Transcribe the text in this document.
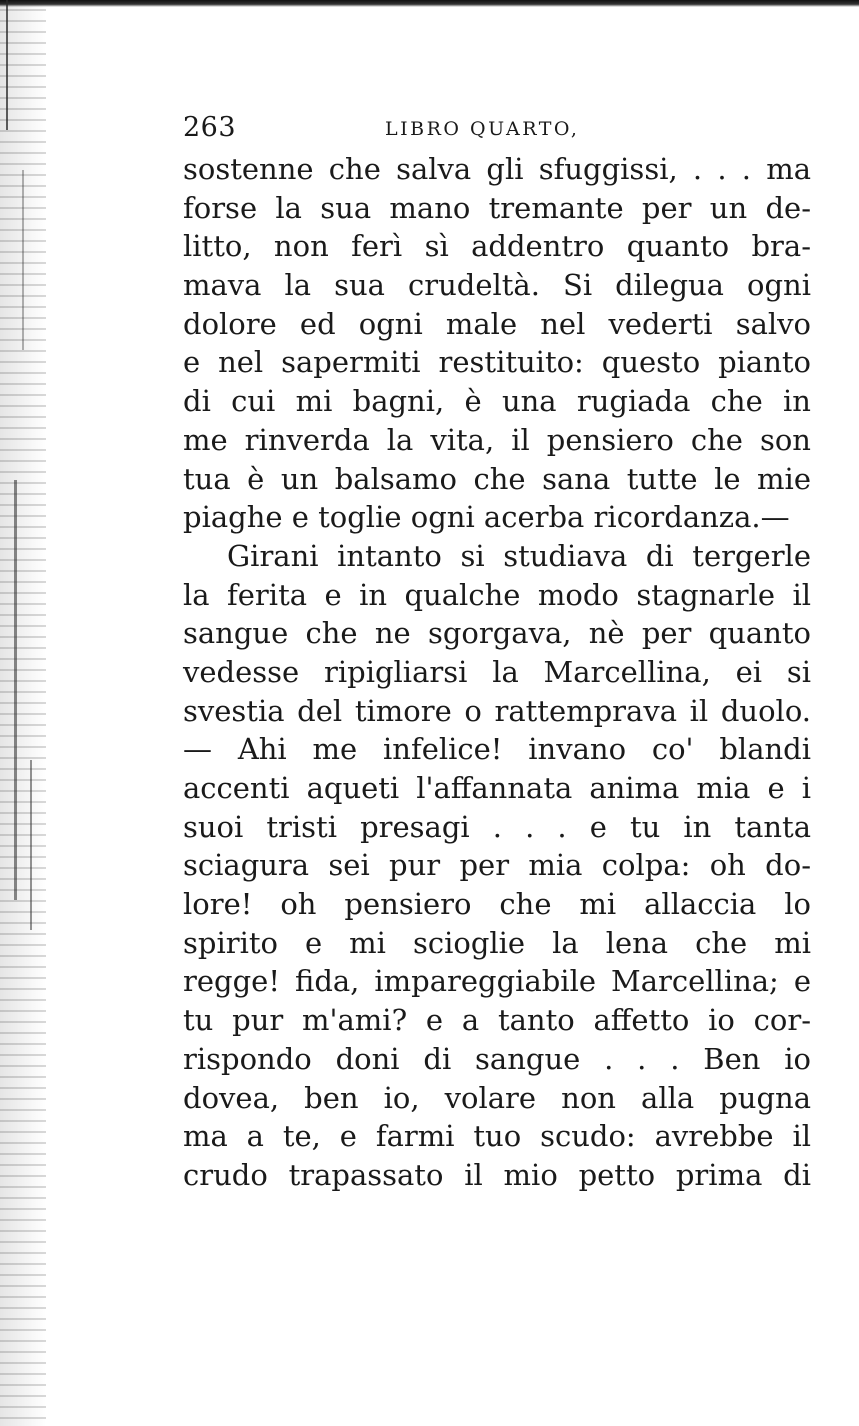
263	LIBRO QUARTO,
sostenne che salva gli sfuggissi, . . . ma
forse la sua mano tremante per un de-
litto, non ferì sì addentro quanto bra-
mava la sua crudeltà. Si dilegua ogni
dolore ed ogni male nel vederti salvo
e nel sapermiti restituito: questo pianto
di cui mi bagni, è una rugiada che in
me rinverda la vita, il pensiero che son
tua è un balsamo che sana tutte le mie
piaghe e toglie ogni acerba ricordanza.—
Girani intanto si studiava di tergerle
la ferita e in qualche modo stagnarle il
sangue che ne sgorgava, nè per quanto
vedesse ripigliarsi la Marcellina, ei si
svestia del timore o rattemprava il duolo.
— Ahi me infelice! invano co' blandi
accenti aqueti l'affannata anima mia e i
suoi tristi presagi . . . e tu in tanta
sciagura sei pur per mia colpa: oh do-
lore! oh pensiero che mi allaccia lo
spirito e mi scioglie la lena che mi
regge! fida, impareggiabile Marcellina; e
tu pur m'ami? e a tanto affetto io cor-
rispondo doni di sangue . . . Ben io
dovea, ben io, volare non alla pugna
ma a te, e farmi tuo scudo: avrebbe il
crudo trapassato il mio petto prima di
